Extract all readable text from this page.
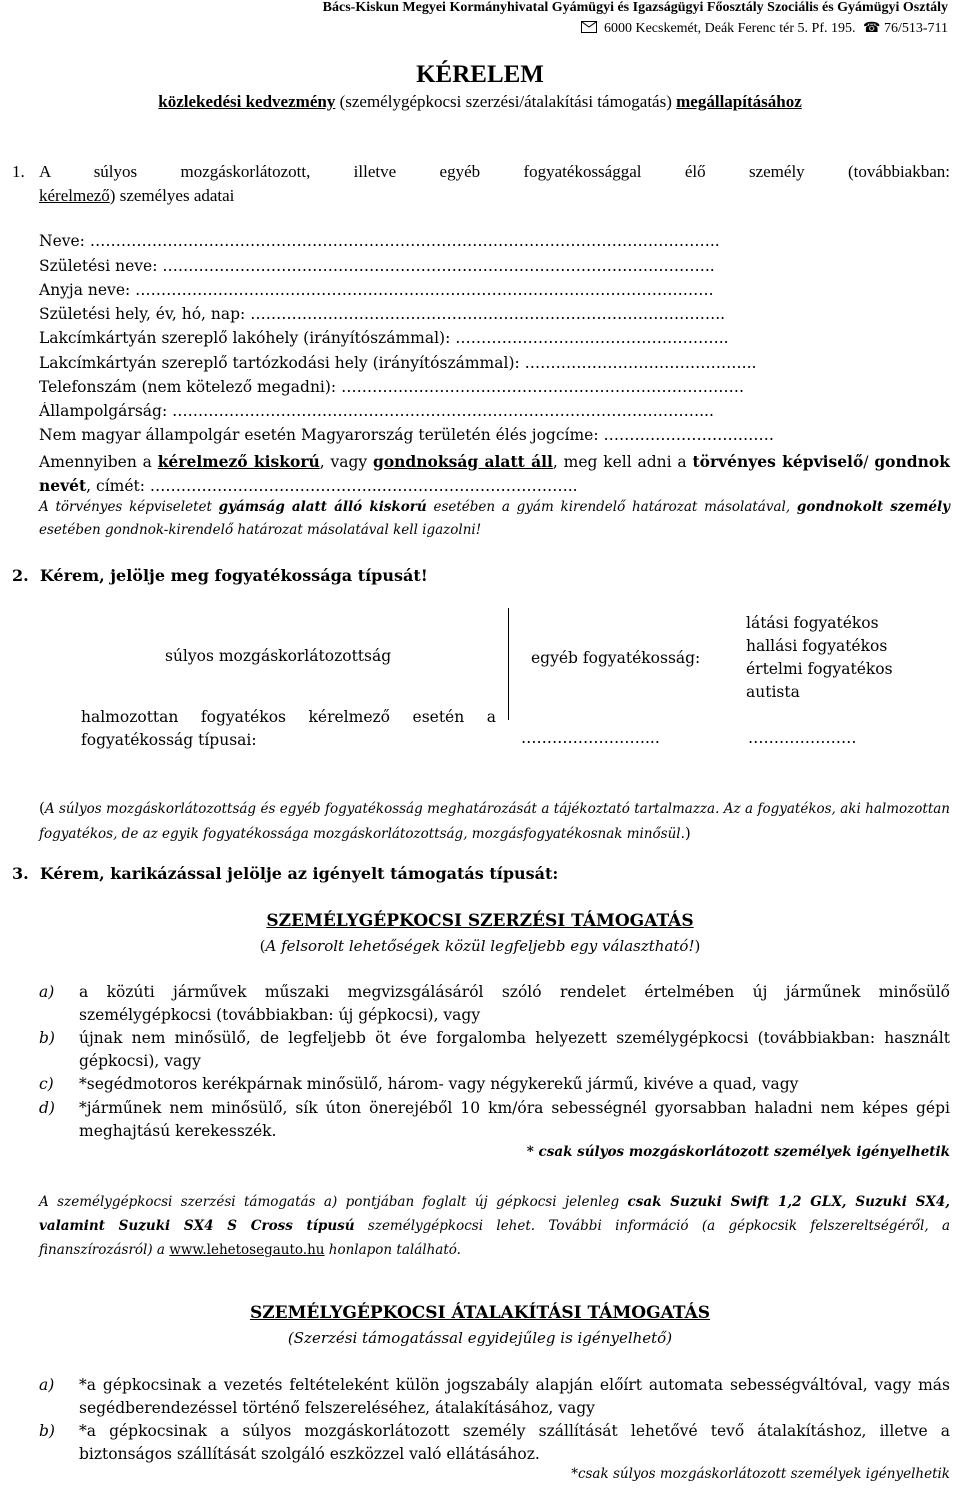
Bács-Kiskun Megyei Kormányhivatal Gyámügyi és Igazságügyi Főosztály Szociális és Gyámügyi Osztály
6000 Kecskemét, Deák Ferenc tér 5. Pf. 195. ☎ 76/513-711
KÉRELEM
közlekedési kedvezmény (személygépkocsi szerzési/átalakítási támogatás) megállapításához
1. A súlyos mozgáskorlátozott, illetve egyéb fogyatékossággal élő személy (továbbiakban:
kérelmező) személyes adatai
Neve: …………………………………………………………………………………………………………..
Születési neve: ……………………………………………………………………………………………..
Anyja neve: ………………………………………………………………………………………………….
Születési hely, év, hó, nap: ………………………………………………………………………………..
Lakcímkártyán szereplő lakóhely (irányítószámmal): ……………………………………………..
Lakcímkártyán szereplő tartózkodási hely (irányítószámmal): ……………………………………...
Telefonszám (nem kötelező megadni): ……………………………………………………………………
Állampolgárság: …………………………………………………………………………………………...
Nem magyar állampolgár esetén Magyarország területén élés jogcíme: ……………………………
Amennyiben a kérelmező kiskorú, vagy gondnokság alatt áll, meg kell adni a törvényes képviselő/ gondnok nevét, címét: ……………………………………...………………………………..
A törvényes képviseletet gyámság alatt álló kiskorú esetében a gyám kirendelő határozat másolatával, gondnokolt személy esetében gondnok-kirendelő határozat másolatával kell igazolni!
2.  Kérem, jelölje meg fogyatékossága típusát!
súlyos mozgáskorlátozottság	egyéb fogyatékosság:
látási fogyatékos
hallási fogyatékos
értelmi fogyatékos
autista
halmozottan fogyatékos kérelmező esetén a
fogyatékosság típusai:	……………………...	…………………
(A súlyos mozgáskorlátozottság és egyéb fogyatékosság meghatározását a tájékoztató tartalmazza. Az a fogyatékos, aki halmozottan fogyatékos, de az egyik fogyatékossága mozgáskorlátozottság, mozgásfogyatékosnak minősül.)
3.  Kérem, karikázással jelölje az igényelt támogatás típusát:
SZEMÉLYGÉPKOCSI SZERZÉSI TÁMOGATÁS
(A felsorolt lehetőségek közül legfeljebb egy választható!)
a)	a közúti járművek műszaki megvizsgálásáról szóló rendelet értelmében új járműnek minősülő személygépkocsi (továbbiakban: új gépkocsi), vagy
b)	újnak nem minősülő, de legfeljebb öt éve forgalomba helyezett személygépkocsi (továbbiakban: használt gépkocsi), vagy
c)	*segédmotoros kerékpárnak minősülő, három- vagy négykerekű jármű, kivéve a quad, vagy
d)	*járműnek nem minősülő, sík úton önerejéből 10 km/óra sebességnél gyorsabban haladni nem képes gépi meghajtású kerekesszék.
* csak súlyos mozgáskorlátozott személyek igényelhetik
A személygépkocsi szerzési támogatás a) pontjában foglalt új gépkocsi jelenleg csak Suzuki Swift 1,2 GLX, Suzuki SX4, valamint Suzuki SX4 S Cross típusú személygépkocsi lehet. További információ (a gépkocsik felszereltségéről, a finanszírozásról) a www.lehetosegauto.hu honlapon található.
SZEMÉLYGÉPKOCSI ÁTALAKÍTÁSI TÁMOGATÁS
(Szerzési támogatással egyidejűleg is igényelhető)
a)	*a gépkocsinak a vezetés feltételeként külön jogszabály alapján előírt automata sebességváltóval, vagy más segédberendezéssel történő felszereléséhez, átalakításához, vagy
b)	*a gépkocsinak a súlyos mozgáskorlátozott személy szállítását lehetővé tevő átalakításhoz, illetve a biztonságos szállítását szolgáló eszközzel való ellátásához.
*csak súlyos mozgáskorlátozott személyek igényelhetik
